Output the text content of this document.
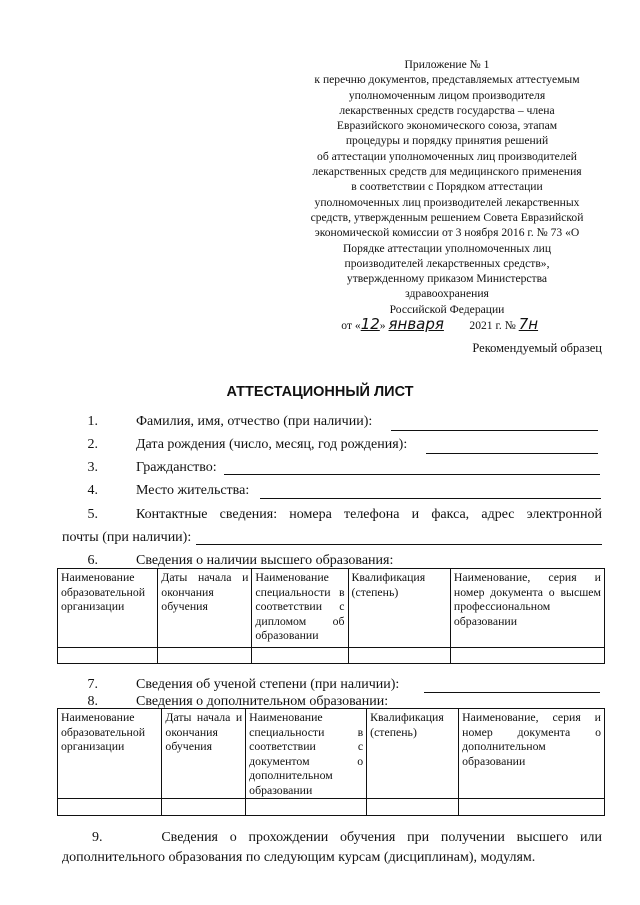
Приложение № 1
к перечню документов, представляемых аттестуемым
уполномоченным лицом производителя
лекарственных средств государства – члена
Евразийского экономического союза, этапам
процедуры и порядку принятия решений
об аттестации уполномоченных лиц производителей
лекарственных средств для медицинского применения
в соответствии с Порядком аттестации
уполномоченных лиц производителей лекарственных
средств, утвержденным решением Совета Евразийской
экономической комиссии от 3 ноября 2016 г. № 73 «О
Порядке аттестации уполномоченных лиц
производителей лекарственных средств»,
утвержденному приказом Министерства
здравоохранения
Российской Федерации
от «12» января 2021 г. № 7н
Рекомендуемый образец
АТТЕСТАЦИОННЫЙ ЛИСТ
1.	Фамилия, имя, отчество (при наличии):
2.	Дата рождения (число, месяц, год рождения):
3.	Гражданство:
4.	Место жительства:
5.	Контактные сведения: номера телефона и факса, адрес электронной
почты (при наличии):
6.	Сведения о наличии высшего образования:
Наименование образовательной организации	Даты начала и окончания обучения	Наименование специальности в соответствии с дипломом об образовании	Квалификация (степень)	Наименование, серия и номер документа о высшем профессиональном образовании

7.	Сведения об ученой степени (при наличии):
8.	Сведения о дополнительном образовании:
Наименование образовательной организации	Даты начала и окончания обучения	Наименование специальности в соответствии с документом о дополнительном образовании	Квалификация (степень)	Наименование, серия и номер документа о дополнительном образовании

9.	Сведения о прохождении обучения при получении высшего или дополнительного образования по следующим курсам (дисциплинам), модулям.
